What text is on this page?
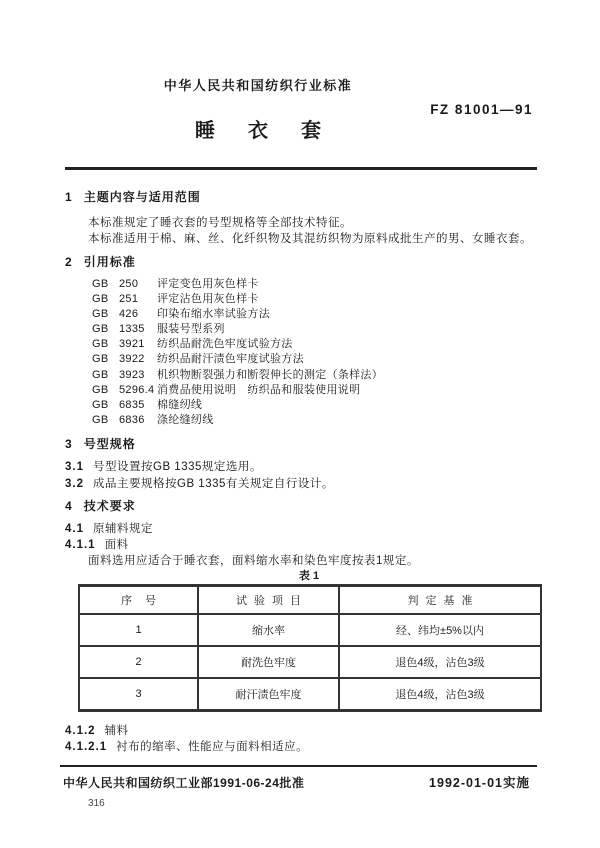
中华人民共和国纺织行业标准
FZ 81001—91
睡衣套
1 主题内容与适用范围
本标准规定了睡衣套的号型规格等全部技术特征。
本标准适用于棉、麻、丝、化纤织物及其混纺织物为原料成批生产的男、女睡衣套。
2 引用标准
GB 250 评定变色用灰色样卡
GB 251 评定沾色用灰色样卡
GB 426 印染布缩水率试验方法
GB 1335 服装号型系列
GB 3921 纺织品耐洗色牢度试验方法
GB 3922 纺织品耐汗渍色牢度试验方法
GB 3923 机织物断裂强力和断裂伸长的测定（条样法）
GB 5296.4 消费品使用说明　纺织品和服装使用说明
GB 6835 棉缝纫线
GB 6836 涤纶缝纫线
3 号型规格
3.1 号型设置按GB 1335规定选用。
3.2 成品主要规格按GB 1335有关规定自行设计。
4 技术要求
4.1 原辅料规定
4.1.1 面料
面料选用应适合于睡衣套，面料缩水率和染色牢度按表1规定。
表 1
序号	试验项目	判定基准
1	缩水率	经、纬均±5%以内
2	耐洗色牢度	退色4级，沾色3级
3	耐汗渍色牢度	退色4级，沾色3级
4.1.2 辅料
4.1.2.1 衬布的缩率、性能应与面料相适应。
中华人民共和国纺织工业部1991-06-24批准	1992-01-01实施
316
